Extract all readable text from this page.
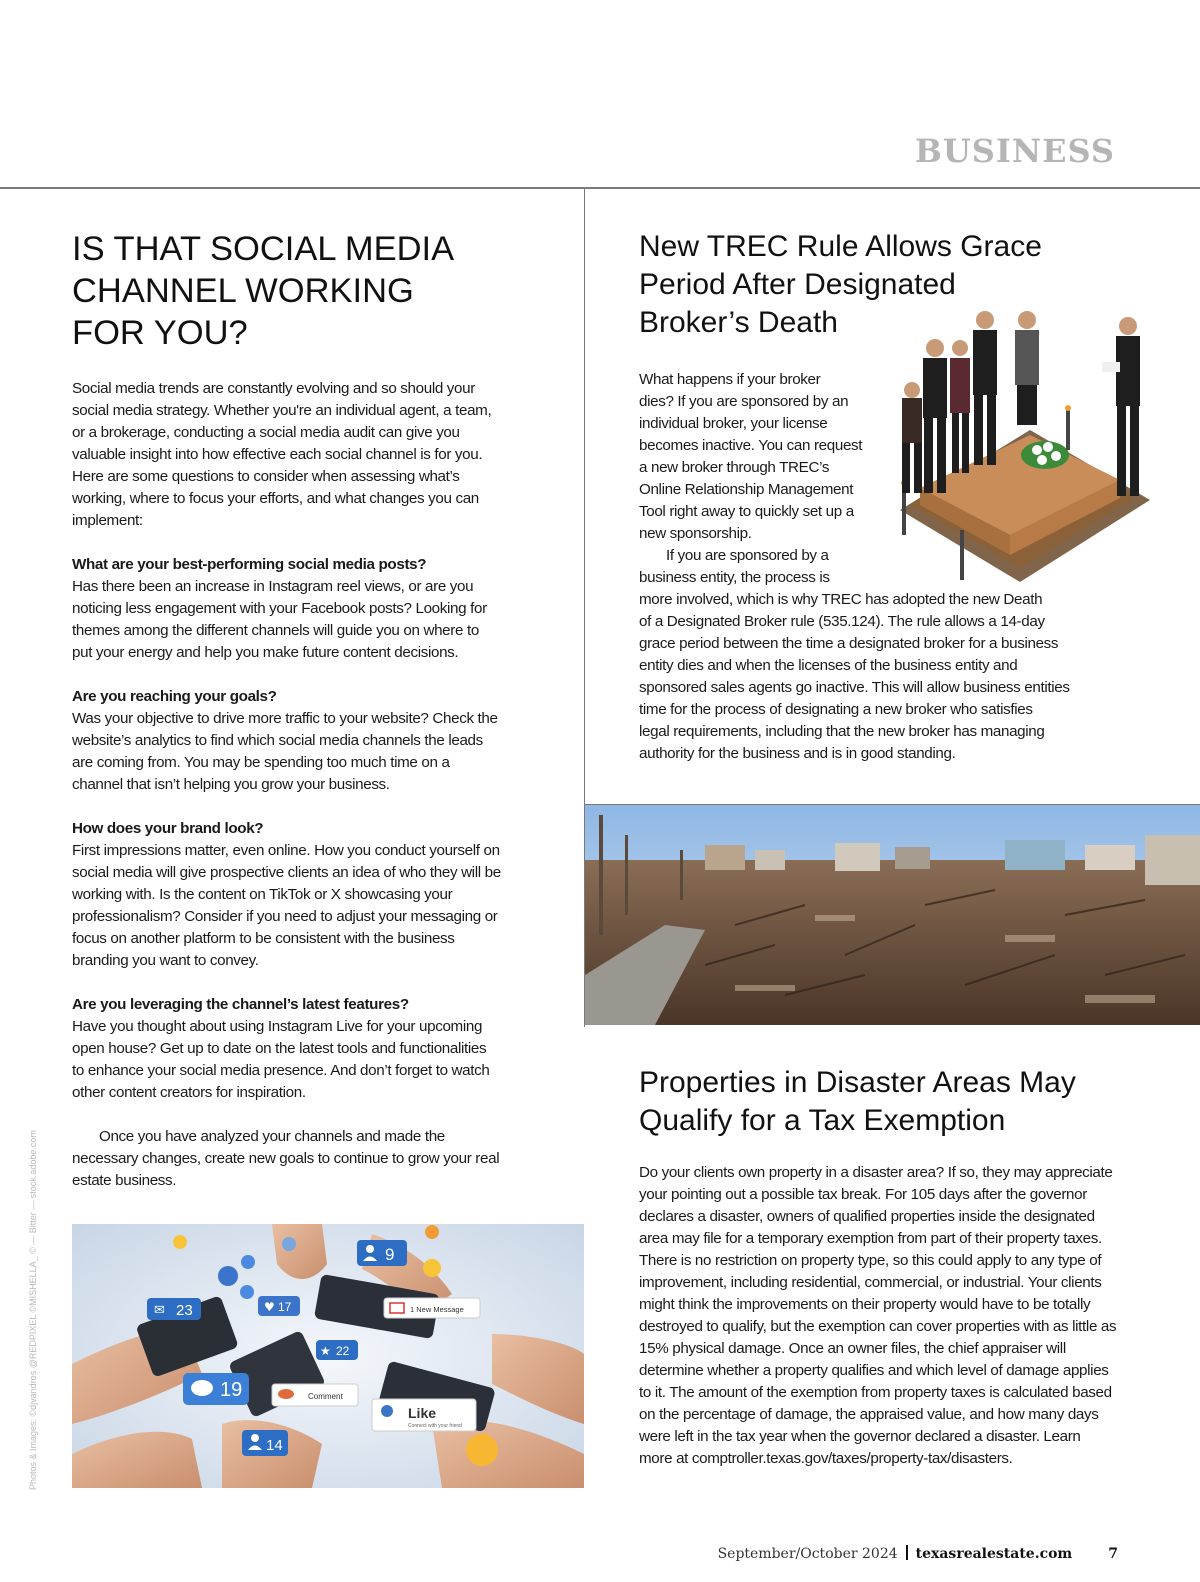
BUSINESS
IS THAT SOCIAL MEDIA
CHANNEL WORKING
FOR YOU?

Social media trends are constantly evolving and so should your social media strategy. Whether you're an individual agent, a team, or a brokerage, conducting a social media audit can give you valuable insight into how effective each social channel is for you. Here are some questions to consider when assessing what’s working, where to focus your efforts, and what changes you can implement:

What are your best-performing social media posts?
Has there been an increase in Instagram reel views, or are you noticing less engagement with your Facebook posts? Looking for themes among the different channels will guide you on where to put your energy and help you make future content decisions.

Are you reaching your goals?
Was your objective to drive more traffic to your website? Check the website’s analytics to find which social media channels the leads are coming from. You may be spending too much time on a channel that isn’t helping you grow your business.

How does your brand look?
First impressions matter, even online. How you conduct yourself on social media will give prospective clients an idea of who they will be working with. Is the content on TikTok or X showcasing your professionalism? Consider if you need to adjust your messaging or focus on another platform to be consistent with the business branding you want to convey.

Are you leveraging the channel’s latest features?
Have you thought about using Instagram Live for your upcoming open house? Get up to date on the latest tools and functionalities to enhance your social media presence. And don’t forget to watch other content creators for inspiration.

Once you have analyzed your channels and made the necessary changes, create new goals to continue to grow your real estate business.

✉ 23	♥ 17
9
★ 22
19
14
1 New Message
Comment
Like
Connect with your friend
Photos & Images: ©djvandros @REDPIXEL ©MISHELLA_ © — Bitter — stock.adobe.com
New TREC Rule Allows Grace
Period After Designated
Broker’s Death
What happens if your broker
dies? If you are sponsored by an
individual broker, your license
becomes inactive. You can request
a new broker through TREC’s
Online Relationship Management
Tool right away to quickly set up a
new sponsorship.
If you are sponsored by a
business entity, the process is
more involved, which is why TREC has adopted the new Death
of a Designated Broker rule (535.124). The rule allows a 14-day
grace period between the time a designated broker for a business
entity dies and when the licenses of the business entity and
sponsored sales agents go inactive. This will allow business entities
time for the process of designating a new broker who satisfies
legal requirements, including that the new broker has managing
authority for the business and is in good standing.
Properties in Disaster Areas May
Qualify for a Tax Exemption
Do your clients own property in a disaster area? If so, they may appreciate your pointing out a possible tax break. For 105 days after the governor declares a disaster, owners of qualified properties inside the designated area may file for a temporary exemption from part of their property taxes. There is no restriction on property type, so this could apply to any type of improvement, including residential, commercial, or industrial. Your clients might think the improvements on their property would have to be totally destroyed to qualify, but the exemption can cover properties with as little as 15% physical damage. Once an owner files, the chief appraiser will determine whether a property qualifies and which level of damage applies to it. The amount of the exemption from property taxes is calculated based on the percentage of damage, the appraised value, and how many days were left in the tax year when the governor declared a disaster. Learn more at comptroller.texas.gov/taxes/property-tax/disasters.
September/October 2024 texasrealestate.com	7
